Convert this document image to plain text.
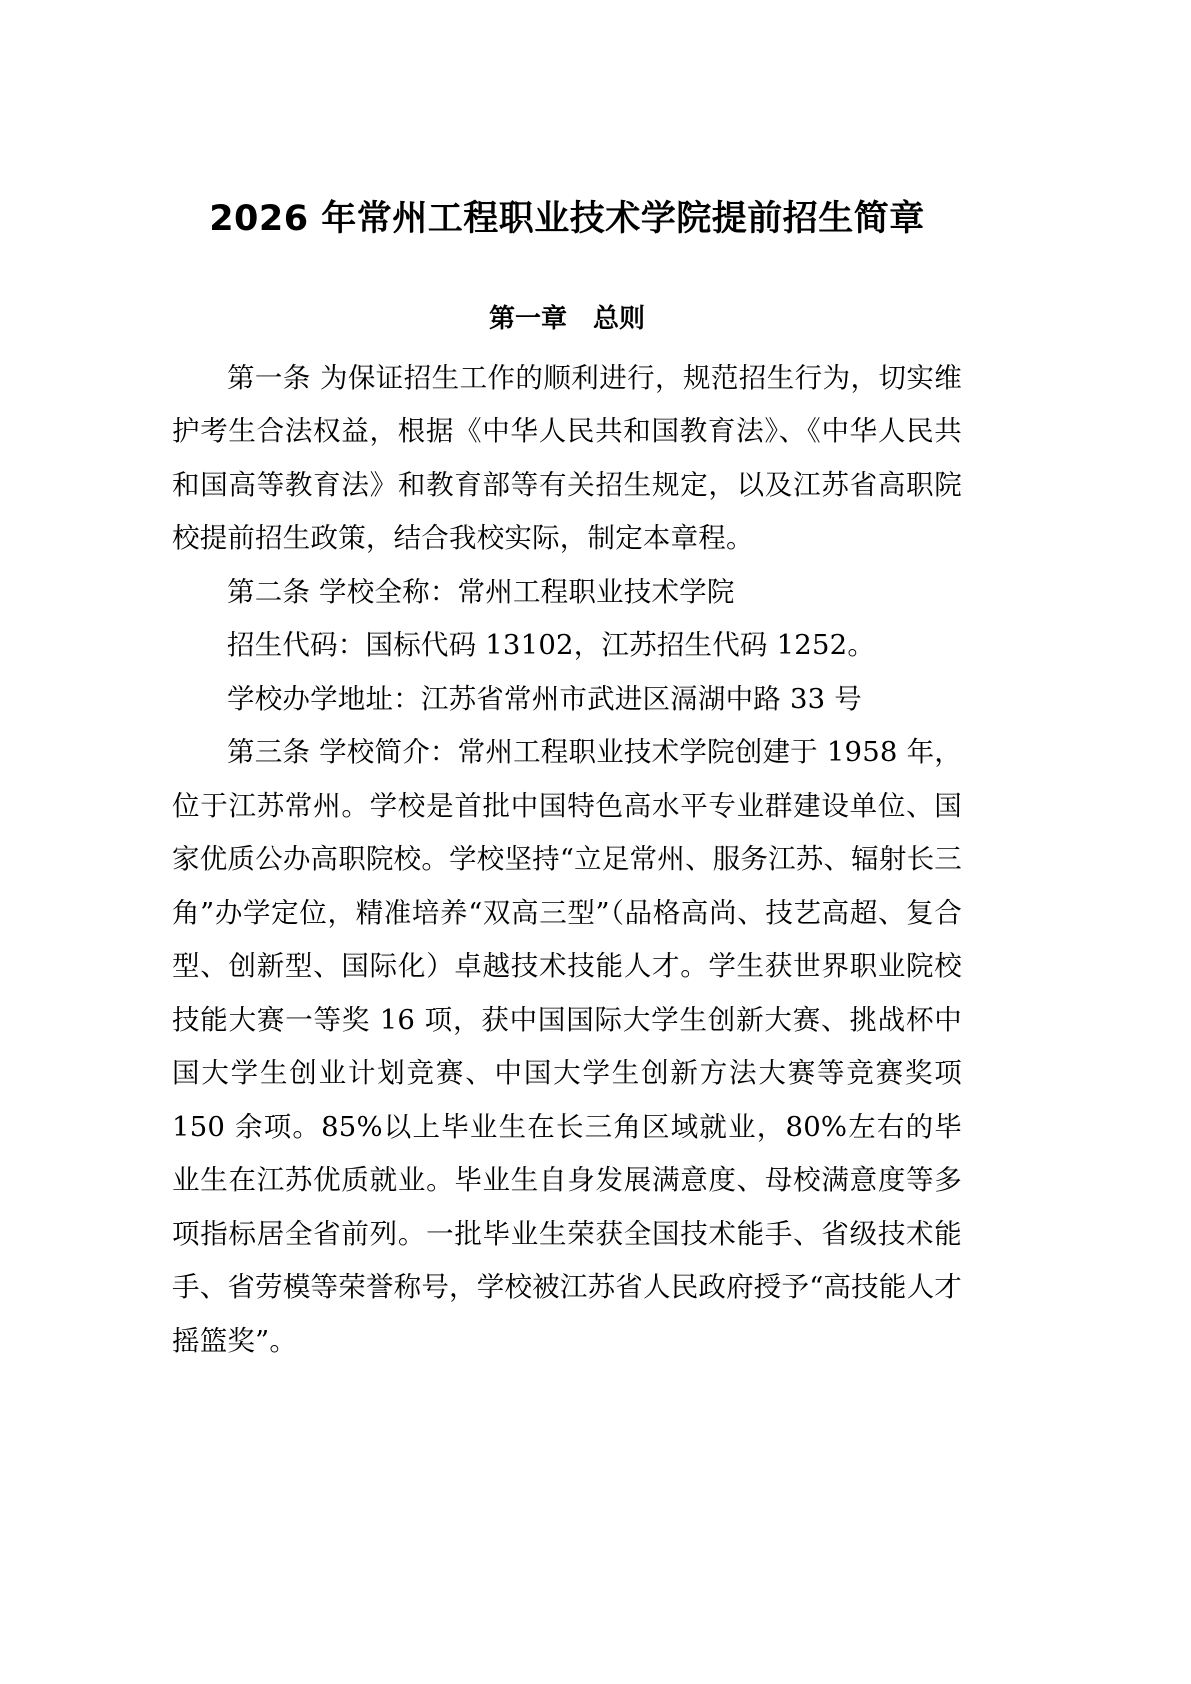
2026 年常州工程职业技术学院提前招生简章
第一章　总则

第一条 为保证招生工作的顺利进行，规范招生行为，切实维护考生合法权益，根据《中华人民共和国教育法》、《中华人民共和国高等教育法》和教育部等有关招生规定，以及江苏省高职院校提前招生政策，结合我校实际，制定本章程。

第二条 学校全称：常州工程职业技术学院

招生代码：国标代码 13102，江苏招生代码 1252。

学校办学地址：江苏省常州市武进区滆湖中路 33 号

第三条 学校简介：常州工程职业技术学院创建于 1958 年，位于江苏常州。学校是首批中国特色高水平专业群建设单位、国家优质公办高职院校。学校坚持“立足常州、服务江苏、辐射长三角”办学定位，精准培养“双高三型”（品格高尚、技艺高超、复合型、创新型、国际化）卓越技术技能人才。学生获世界职业院校技能大赛一等奖 16 项，获中国国际大学生创新大赛、挑战杯中国大学生创业计划竞赛、中国大学生创新方法大赛等竞赛奖项 150 余项。85%以上毕业生在长三角区域就业，80%左右的毕业生在江苏优质就业。毕业生自身发展满意度、母校满意度等多项指标居全省前列。一批毕业生荣获全国技术能手、省级技术能手、省劳模等荣誉称号，学校被江苏省人民政府授予“高技能人才摇篮奖”。
